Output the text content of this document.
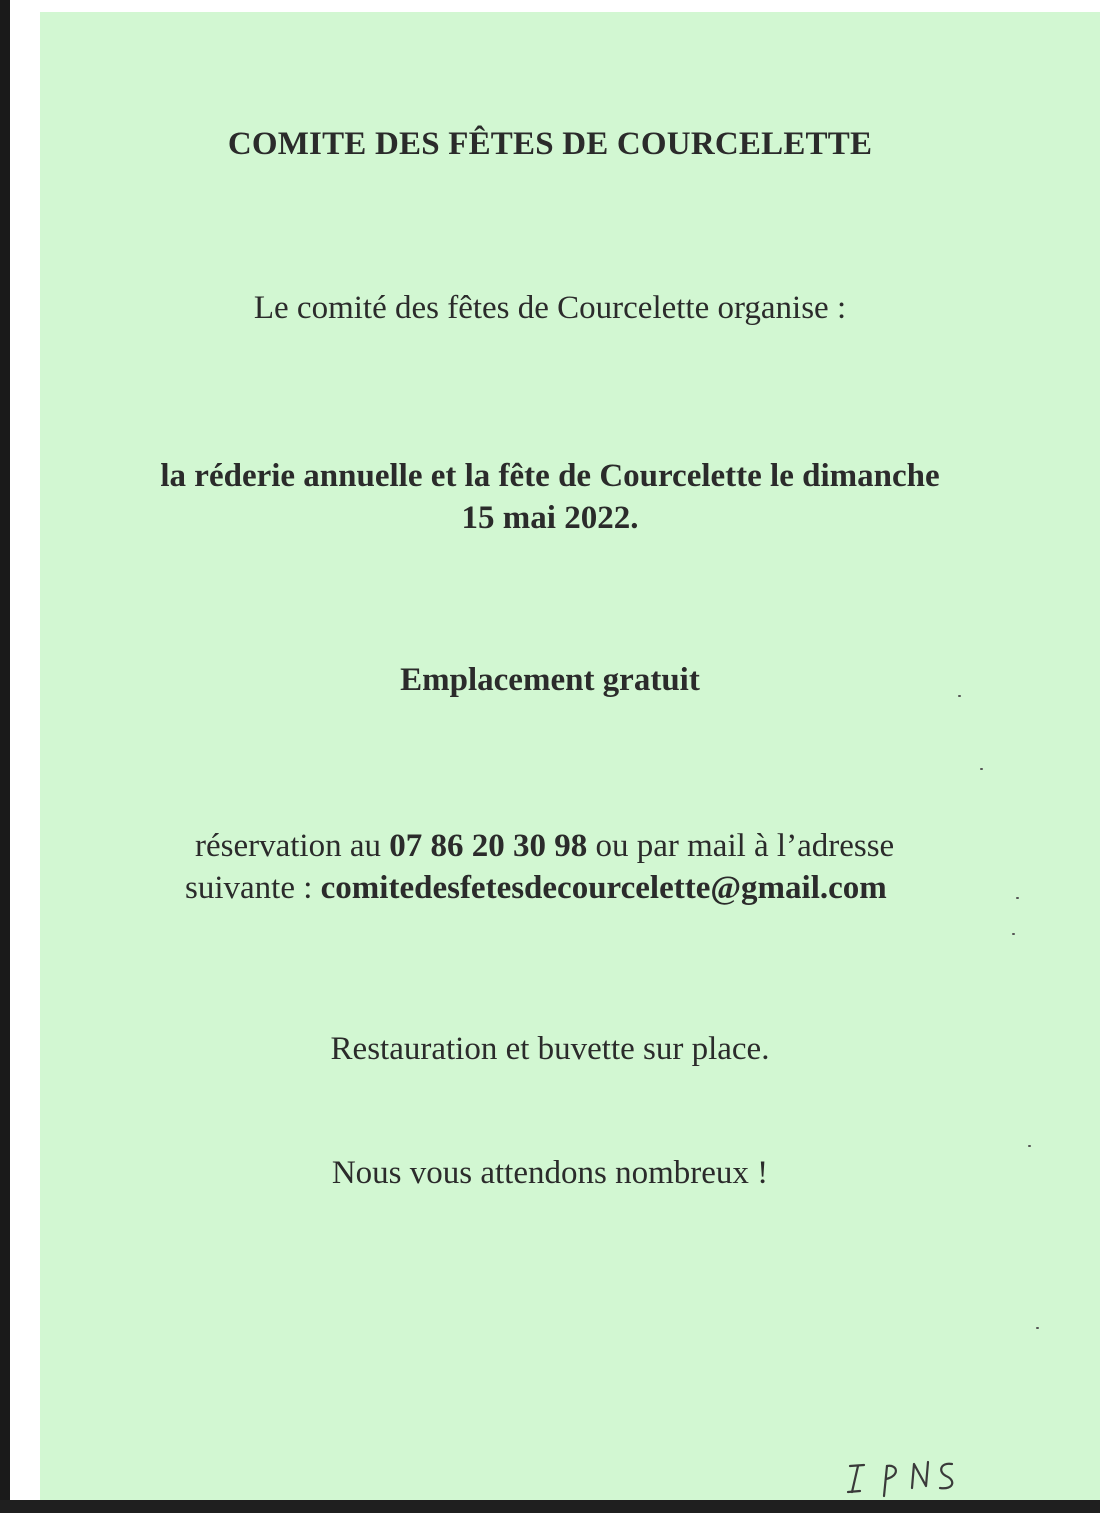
COMITE DES FÊTES DE COURCELETTE
Le comité des fêtes de Courcelette organise :
la réderie annuelle et la fête de Courcelette le dimanche
15 mai 2022.
Emplacement gratuit
réservation au 07 86 20 30 98 ou par mail à l’adresse
suivante : comitedesfetesdecourcelette@gmail.com
Restauration et buvette sur place.
Nous vous attendons nombreux !
